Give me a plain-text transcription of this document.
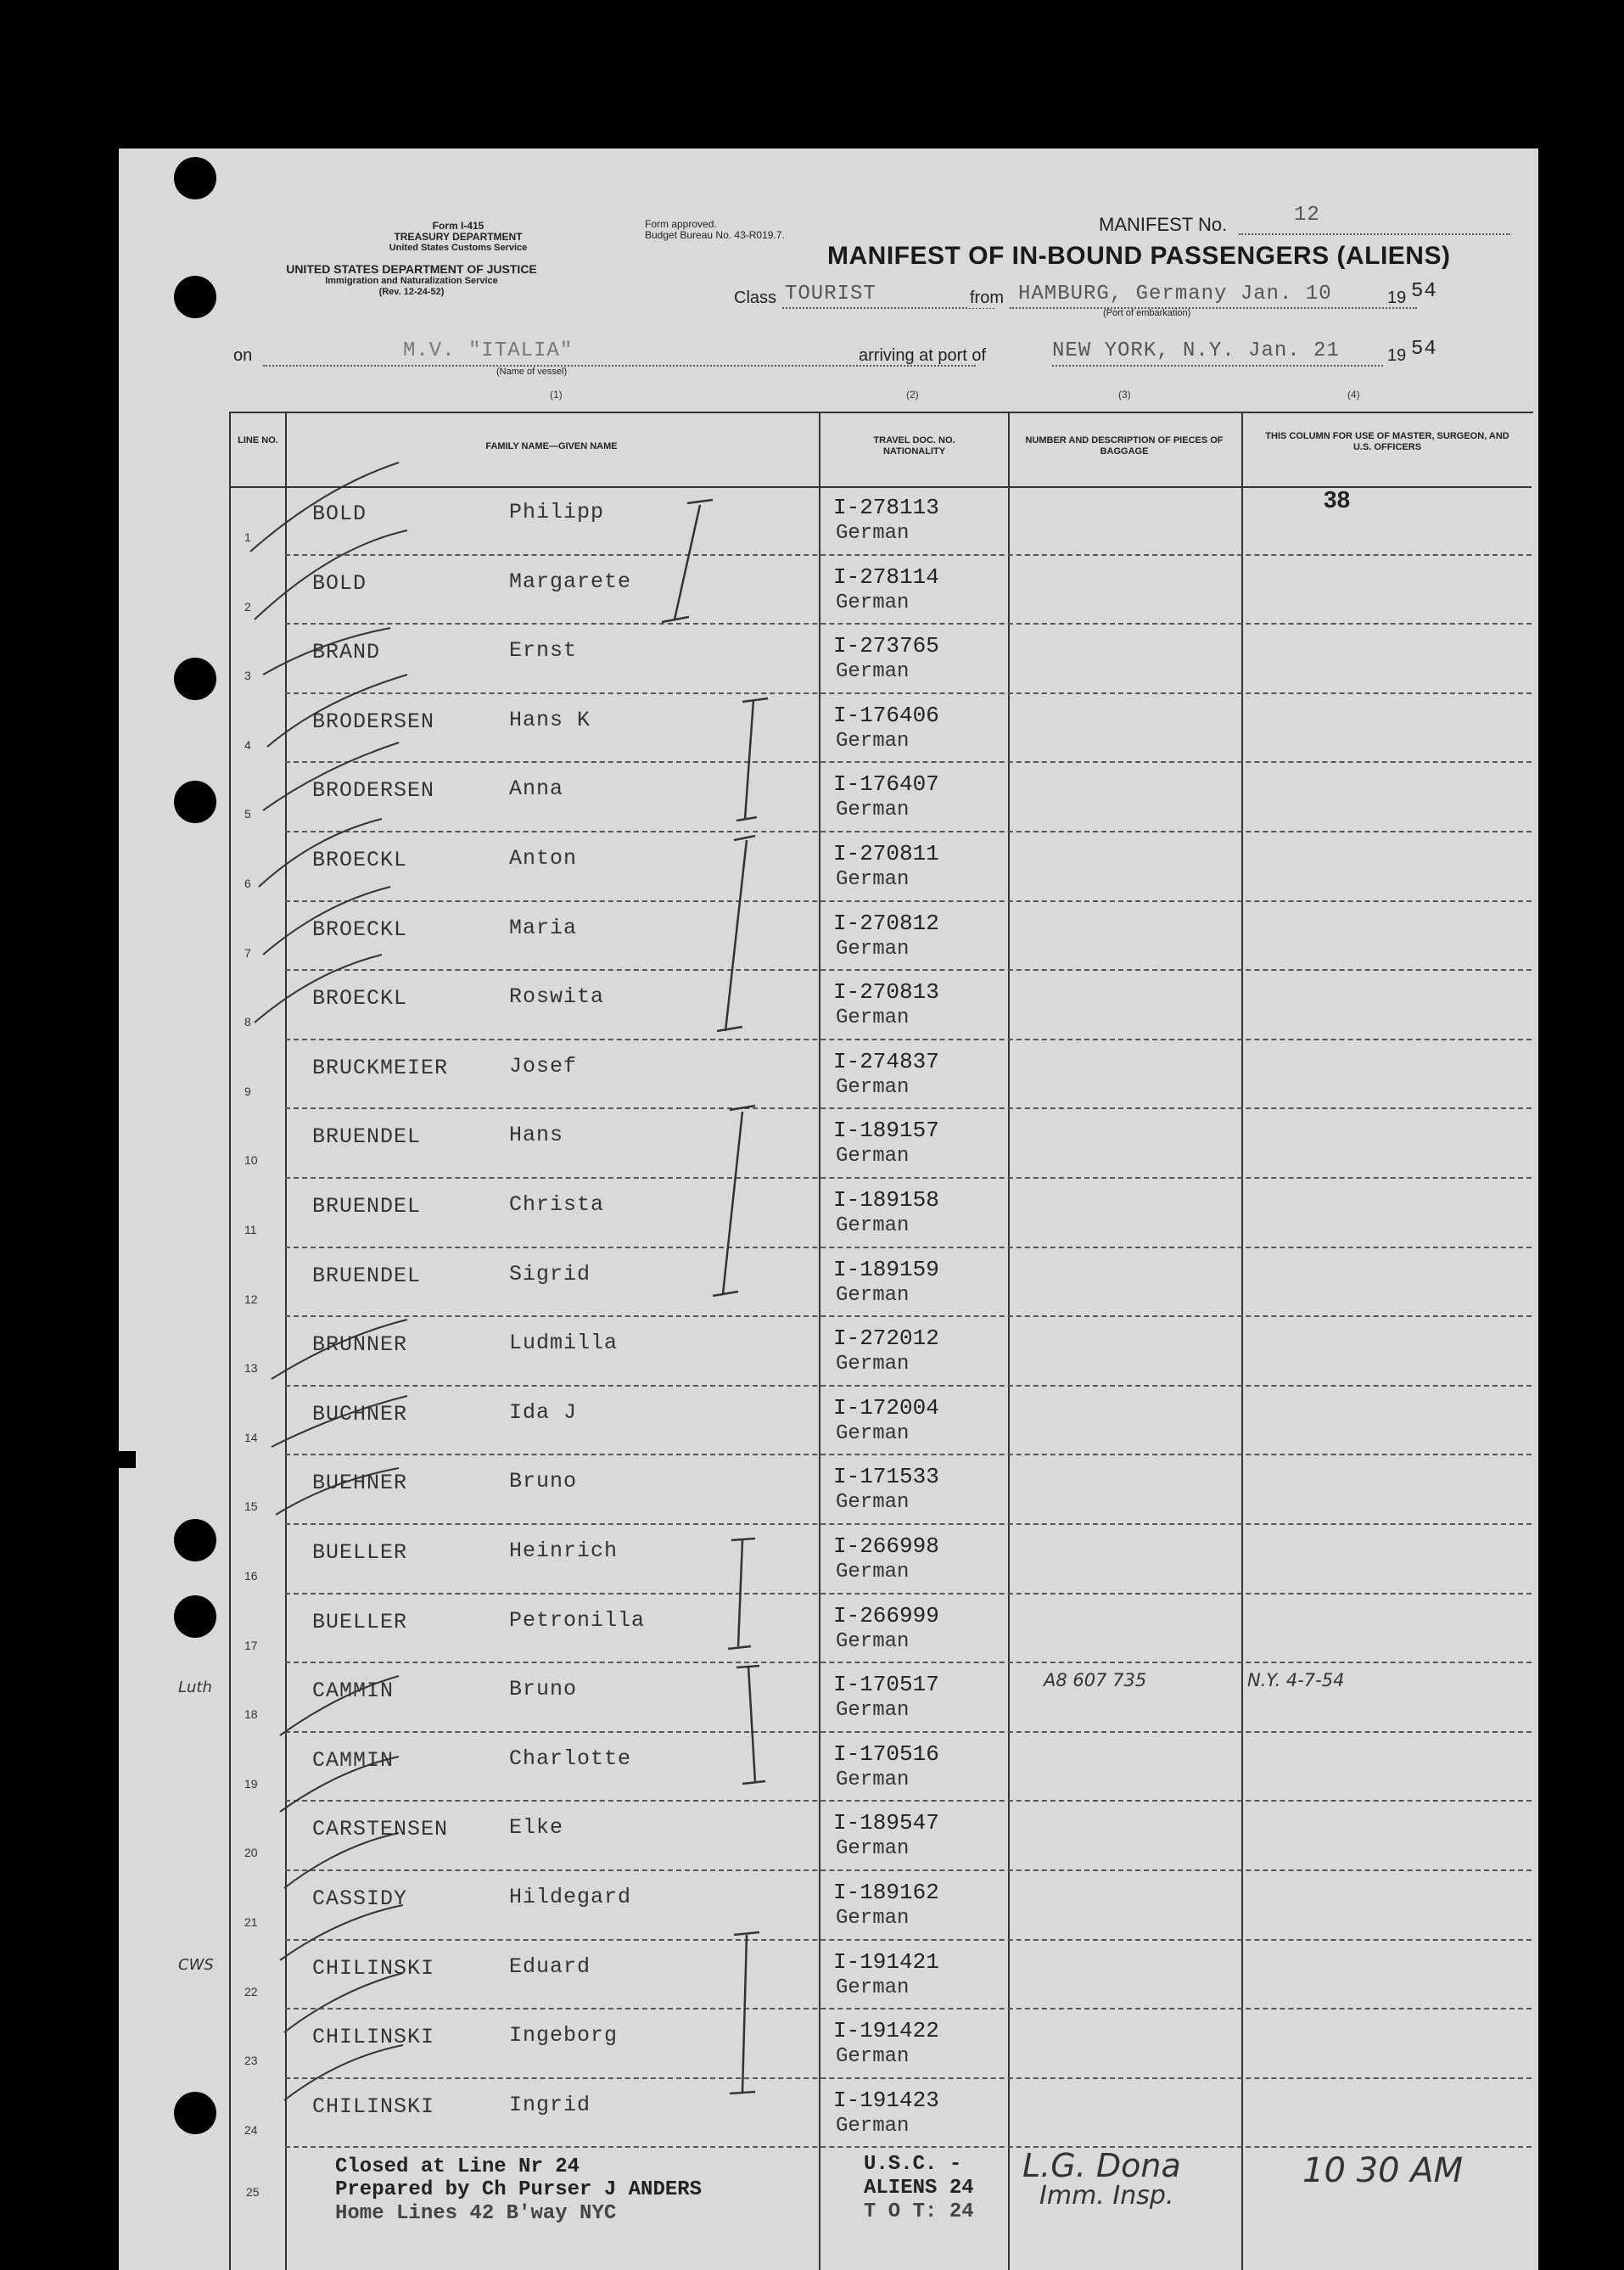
Form I-415
TREASURY DEPARTMENT
United States Customs Service
UNITED STATES DEPARTMENT OF JUSTICE
Immigration and Naturalization Service
(Rev. 12-24-52)
Form approved.
Budget Bureau No. 43-R019.7.	MANIFEST No.	12
MANIFEST OF IN-BOUND PASSENGERS (ALIENS)
Class TOURIST	from HAMBURG, Germany Jan. 10	19 54
(Port of embarkation)
on	M.V. "ITALIA"
(Name of vessel)
arriving at port of	NEW YORK, N.Y. Jan. 21	19 54
(1)	(2)	(3)	(4)
LINE NO.
FAMILY NAME—GIVEN NAME
TRAVEL DOC. NO. NATIONALITY
NUMBER AND DESCRIPTION OF PIECES OF BAGGAGE
THIS COLUMN FOR USE OF MASTER, SURGEON, AND U.S. OFFICERS
38
1
BOLD	Philipp	I-278113
German
2
BOLD	Margarete	I-278114
German
3
BRAND	Ernst	I-273765
German
4
BRODERSEN	Hans K	I-176406
German
5
BRODERSEN	Anna	I-176407
German
6
BROECKL	Anton	I-270811
German
7
BROECKL	Maria	I-270812
German
8
BROECKL	Roswita	I-270813
German
9
BRUCKMEIER	Josef	I-274837
German
10
BRUENDEL	Hans	I-189157
German
11
BRUENDEL	Christa	I-189158
German
12
BRUENDEL	Sigrid	I-189159
German
13
BRUNNER	Ludmilla	I-272012
German
14
BUCHNER	Ida J	I-172004
German
15
BUEHNER	Bruno	I-171533
German
16
BUELLER	Heinrich	I-266998
German
17
BUELLER	Petronilla	I-266999
German
18
CAMMIN	Bruno	I-170517
German
A8 607 735	N.Y. 4-7-54
Luth
19
CAMMIN	Charlotte	I-170516
German
20
CARSTENSEN	Elke	I-189547
German
21
CASSIDY	Hildegard	I-189162
German
22
CHILINSKI	Eduard	I-191421
German
CWS
23
CHILINSKI	Ingeborg	I-191422
German
24
CHILINSKI	Ingrid	I-191423
German
25
Closed at Line Nr 24
Prepared by Ch Purser J ANDERS
Home Lines 42 B'way NYC
U.S.C. -
ALIENS 24
T O T: 24
L.G. Dona
Imm. Insp.
10 30 AM
